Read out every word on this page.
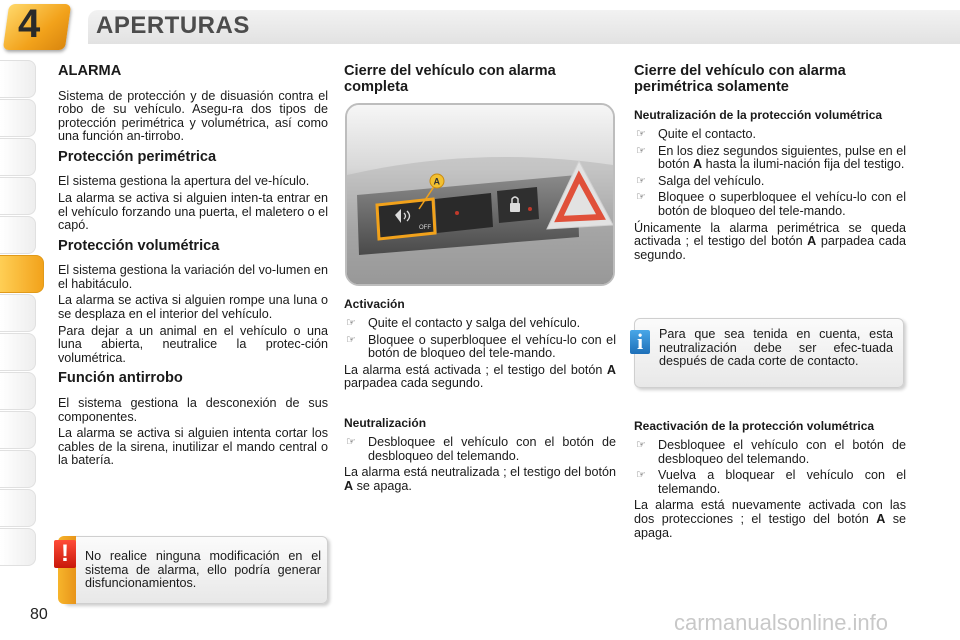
4 APERTURAS
ALARMA

Sistema de protección y de disuasión contra el robo de su vehículo. Asegu-ra dos tipos de protección perimétrica y volumétrica, así como una función an-tirrobo.

Protección perimétrica

El sistema gestiona la apertura del ve-hículo.

La alarma se activa si alguien inten-ta entrar en el vehículo forzando una puerta, el maletero o el capó.

Protección volumétrica

El sistema gestiona la variación del vo-lumen en el habitáculo.

La alarma se activa si alguien rompe una luna o se desplaza en el interior del vehículo.

Para dejar a un animal en el vehículo o una luna abierta, neutralice la protec-ción volumétrica.

Función antirrobo

El sistema gestiona la desconexión de sus componentes.

La alarma se activa si alguien intenta cortar los cables de la sirena, inutilizar el mando central o la batería.

No realice ninguna modificación en el sistema de alarma, ello podría generar disfuncionamientos.
!
Cierre del vehículo con alarma completa
OFF
A
Activación
☞ Quite el contacto y salga del vehículo.
☞ Bloquee o superbloquee el vehícu-lo con el botón de bloqueo del tele-mando.

La alarma está activada ; el testigo del botón A parpadea cada segundo.

Neutralización
☞ Desbloquee el vehículo con el botón de desbloqueo del telemando.

La alarma está neutralizada ; el testigo del botón A se apaga.

Cierre del vehículo con alarma perimétrica solamente
Neutralización de la protección volumétrica
☞ Quite el contacto.
☞ En los diez segundos siguientes, pulse en el botón A hasta la ilumi-nación fija del testigo.
☞ Salga del vehículo.
☞ Bloquee o superbloquee el vehícu-lo con el botón de bloqueo del tele-mando.

Únicamente la alarma perimétrica se queda activada ; el testigo del botón A parpadea cada segundo.

Para que sea tenida en cuenta, esta neutralización debe ser efec-tuada después de cada corte de contacto.
i
Reactivación de la protección volumétrica
☞ Desbloquee el vehículo con el botón de desbloqueo del telemando.
☞ Vuelva a bloquear el vehículo con el telemando.

La alarma está nuevamente activada con las dos protecciones ; el testigo del botón A se apaga.

80	carmanualsonline.info
